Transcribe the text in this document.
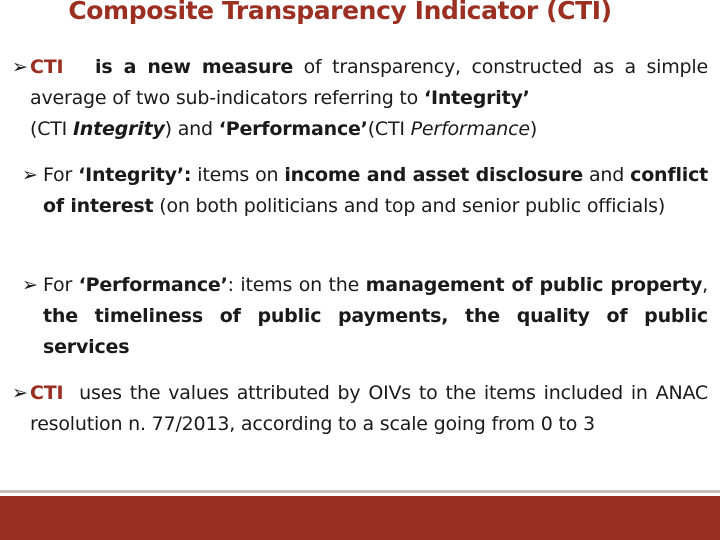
Composite Transparency Indicator (CTI)
➢ CTI is a new measure of transparency, constructed as a simple average of two sub-indicators referring to ‘Integrity’
(CTI Integrity) and ‘Performance’(CTI Performance)
➢ For ‘Integrity’: items on income and asset disclosure and conflict of interest (on both politicians and top and senior public officials)
➢ For ‘Performance’: items on the management of public property, the timeliness of public payments, the quality of public services
➢ CTI uses the values attributed by OIVs to the items included in ANAC resolution n. 77/2013, according to a scale going from 0 to 3
